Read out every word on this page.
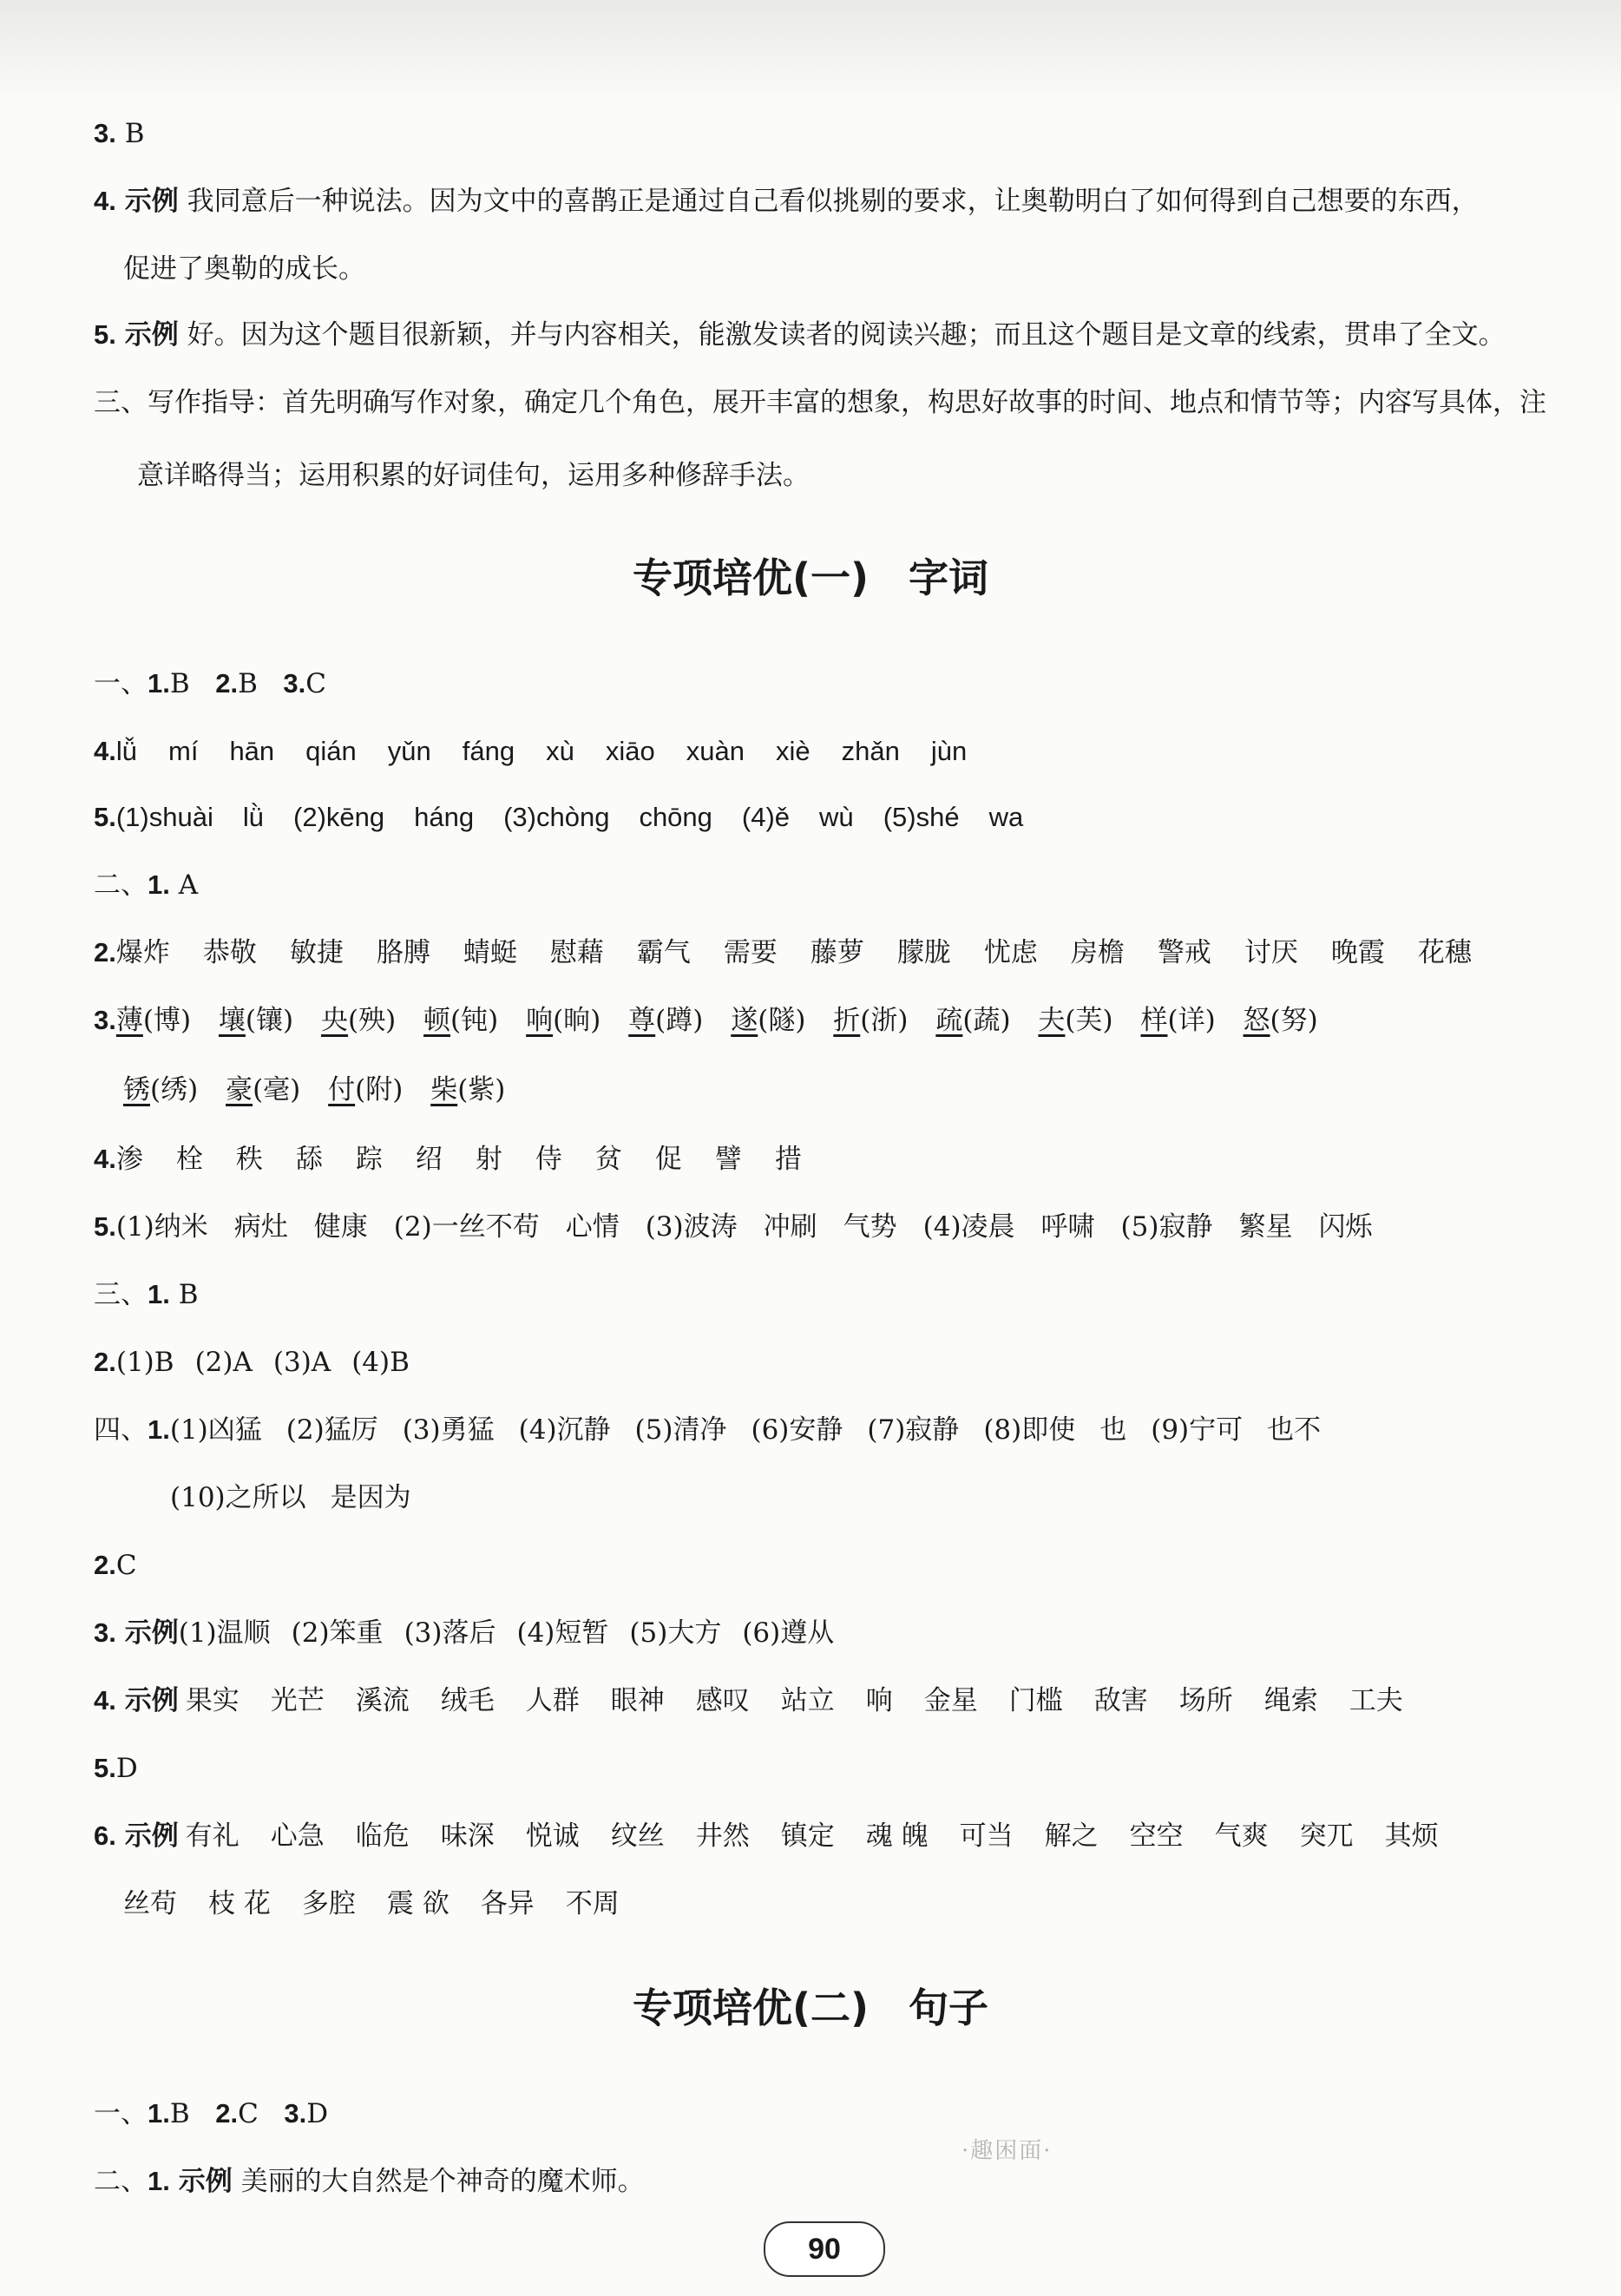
3. B
4. 示例 我同意后一种说法。因为文中的喜鹊正是通过自己看似挑剔的要求，让奥勒明白了如何得到自己想要的东西，
促进了奥勒的成长。
5. 示例 好。因为这个题目很新颖，并与内容相关，能激发读者的阅读兴趣；而且这个题目是文章的线索，贯串了全文。
三、写作指导：首先明确写作对象，确定几个角色，展开丰富的想象，构思好故事的时间、地点和情节等；内容写具体，注
意详略得当；运用积累的好词佳句，运用多种修辞手法。
专项培优(一)　字词
一、1.B 2.B 3.C
4.lǚ mí hān qián yǔn fáng xù xiāo xuàn xiè zhǎn jùn
5.(1)shuài lǜ (2)kēng háng (3)chòng chōng (4)ě wù (5)shé wa
二、1. A
2.爆炸 恭敬 敏捷 胳膊 蜻蜓 慰藉 霸气 需要 藤萝 朦胧 忧虑 房檐 警戒 讨厌 晚霞 花穗
3.薄(博) 壤(镶) 央(殃) 顿(钝) 响(晌) 尊(蹲) 遂(隧) 折(浙) 疏(蔬) 夫(芙) 样(详) 怒(努)
锈(绣) 豪(毫) 付(附) 柴(紫)
4.渗 栓 秩 舔 踪 绍 射 侍 贫 促 譬 措
5.(1)纳米 病灶 健康 (2)一丝不苟 心情 (3)波涛 冲刷 气势 (4)凌晨 呼啸 (5)寂静 繁星 闪烁
三、1. B
2.(1)B (2)A (3)A (4)B
四、1.(1)凶猛 (2)猛厉 (3)勇猛 (4)沉静 (5)清净 (6)安静 (7)寂静 (8)即使 也 (9)宁可 也不
(10)之所以 是因为
2.C
3. 示例(1)温顺 (2)笨重 (3)落后 (4)短暂 (5)大方 (6)遵从
4. 示例 果实 光芒 溪流 绒毛 人群 眼神 感叹 站立 响 金星 门槛 敌害 场所 绳索 工夫
5.D
6. 示例 有礼 心急 临危 味深 悦诚 纹丝 井然 镇定 魂 魄 可当 解之 空空 气爽 突兀 其烦
丝苟 枝 花 多腔 震 欲 各异 不周
专项培优(二)　句子
一、1.B 2.C 3.D
二、1. 示例 美丽的大自然是个神奇的魔术师。
·趣困面·
90
